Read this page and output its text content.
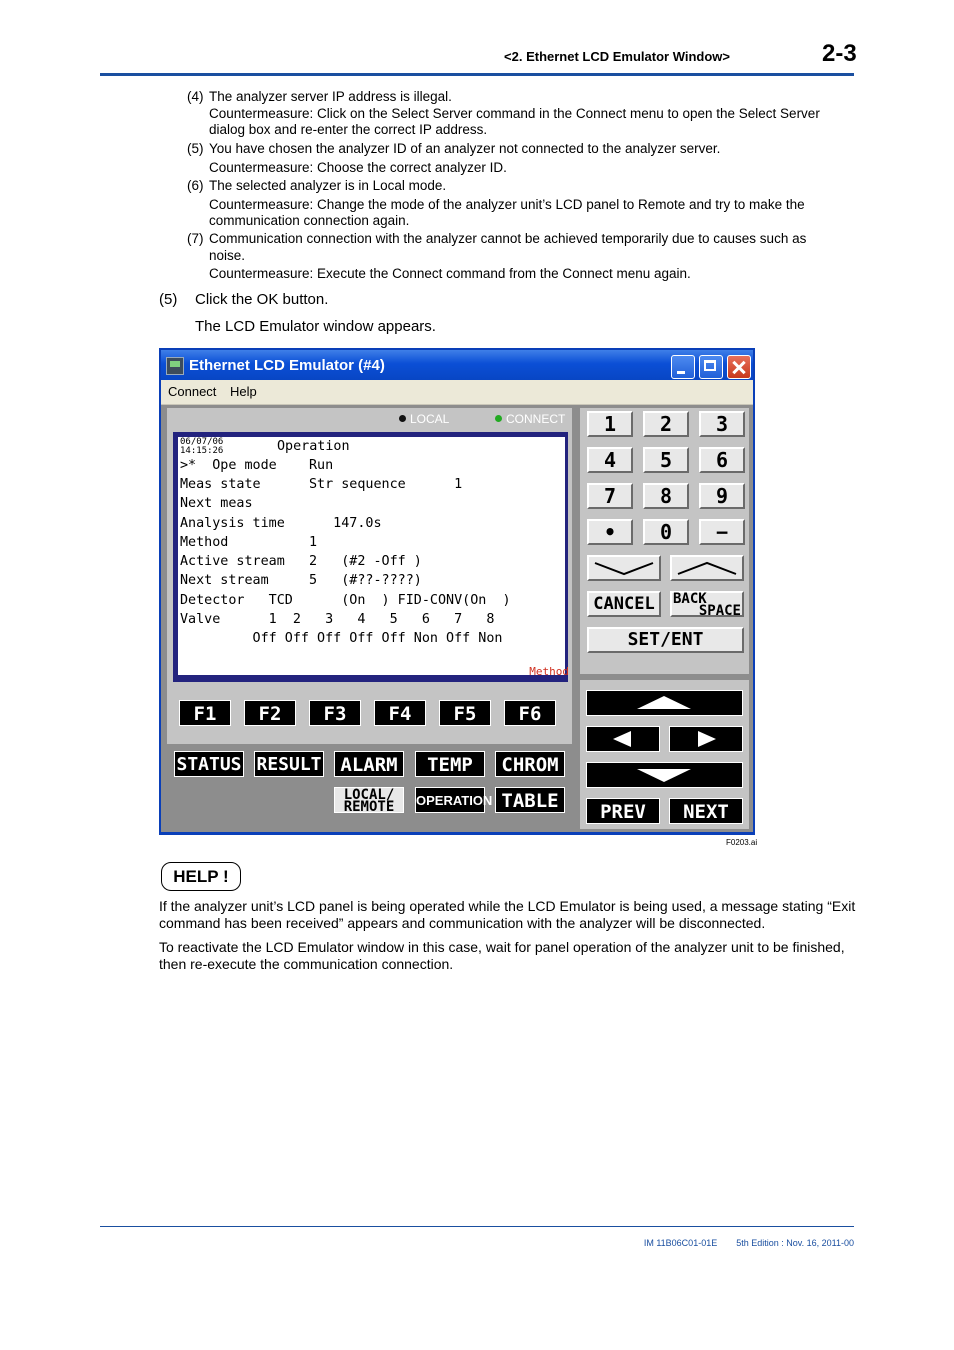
<2. Ethernet LCD Emulator Window>	2-3
(4) The analyzer server IP address is illegal.
Countermeasure: Click on the Select Server command in the Connect menu to open the Select Server
dialog box and re-enter the correct IP address.
(5) You have chosen the analyzer ID of an analyzer not connected to the analyzer server.
Countermeasure: Choose the correct analyzer ID.
(6) The selected analyzer is in Local mode.
Countermeasure: Change the mode of the analyzer unit’s LCD panel to Remote and try to make the
communication connection again.
(7) Communication connection with the analyzer cannot be achieved temporarily due to causes such as
noise.
Countermeasure: Execute the Connect command from the Connect menu again.
(5) Click the OK button.
The LCD Emulator window appears.
Ethernet LCD Emulator (#4)
Connect Help
LOCAL	CONNECT
06/07/06
14:15:26	Operation
>*  Ope mode    Run
Meas state      Str sequence      1
Next meas
Analysis time      147.0s
Method          1
Active stream   2   (#2 -Off )
Next stream     5   (#??-????)
Detector   TCD      (On  ) FID-CONV(On  )
Valve      1  2   3   4   5   6   7   8
Off Off Off Off Off Non Off Non
Method
F1	F2	F3	F4	F5	F6
STATUS RESULT ALARM	TEMP	CHROM
LOCAL/
REMOTE	OPERATION TABLE
1	2	3
4	5	6
7	8	9
•	0	−
CANCEL	BACK
SPACE
SET/ENT
PREV	NEXT
F0203.ai
HELP !
If the analyzer unit’s LCD panel is being operated while the LCD Emulator is being used, a message stating “Exit
command has been received” appears and communication with the analyzer will be disconnected.
To reactivate the LCD Emulator window in this case, wait for panel operation of the analyzer unit to be finished,
then re-execute the communication connection.
IM 11B06C01-01E 5th Edition : Nov. 16, 2011-00
